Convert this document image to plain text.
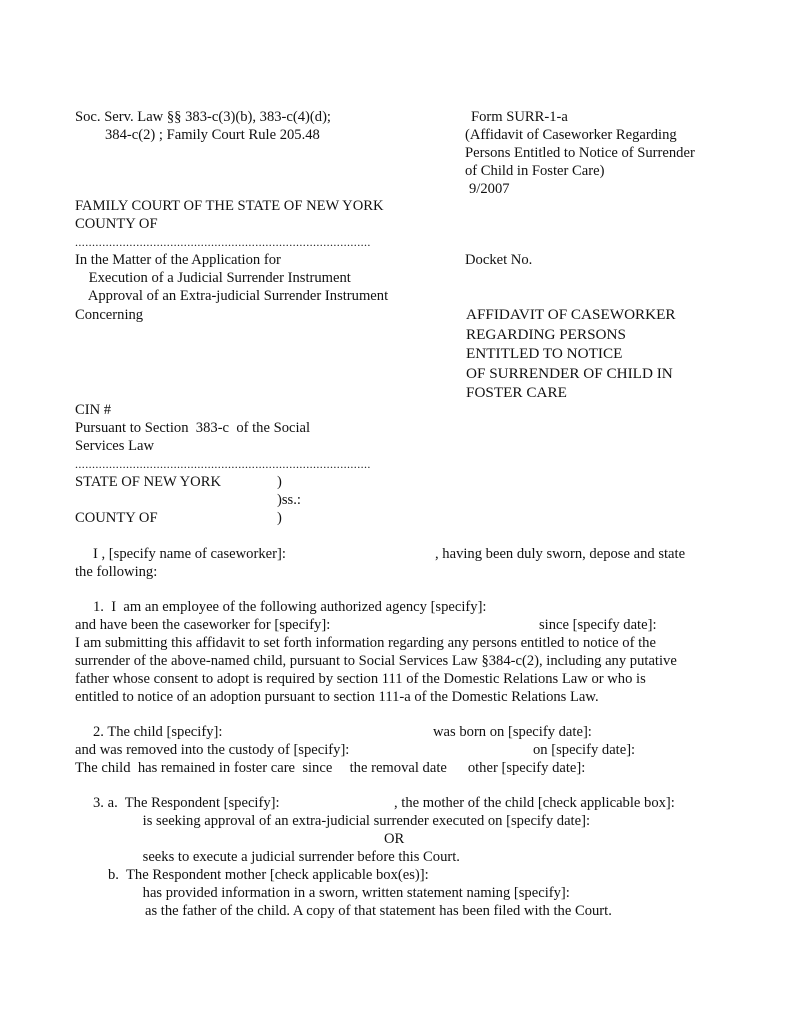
Soc. Serv. Law §§ 383-c(3)(b), 383-c(4)(d);
384-c(2) ; Family Court Rule 205.48
Form SURR-1-a
(Affidavit of Caseworker Regarding
Persons Entitled to Notice of Surrender
of Child in Foster Care)
9/2007
FAMILY COURT OF THE STATE OF NEW YORK
COUNTY OF
.......................................................................................
In the Matter of the Application for
Execution of a Judicial Surrender Instrument
Approval of an Extra-judicial Surrender Instrument
Concerning
Docket No.
AFFIDAVIT OF CASEWORKER
REGARDING PERSONS
ENTITLED TO NOTICE
OF SURRENDER OF CHILD IN
FOSTER CARE
CIN #
Pursuant to Section  383-c  of the Social
Services Law
.......................................................................................
STATE OF NEW YORK	)
)ss.:
COUNTY OF	)
I , [specify name of caseworker]:	, having been duly sworn, depose and state
the following:
1.  I  am an employee of the following authorized agency [specify]:
and have been the caseworker for [specify]:	since [specify date]:
I am submitting this affidavit to set forth information regarding any persons entitled to notice of the
surrender of the above-named child, pursuant to Social Services Law §384-c(2), including any putative
father whose consent to adopt is required by section 111 of the Domestic Relations Law or who is
entitled to notice of an adoption pursuant to section 111-a of the Domestic Relations Law.
2. The child [specify]:	was born on [specify date]:
and was removed into the custody of [specify]:	on [specify date]:
The child  has remained in foster care  since  the removal date   other [specify date]:
3. a.  The Respondent [specify]:	, the mother of the child [check applicable box]:
is seeking approval of an extra-judicial surrender executed on [specify date]:
OR
seeks to execute a judicial surrender before this Court.
b.  The Respondent mother [check applicable box(es)]:
has provided information in a sworn, written statement naming [specify]:
as the father of the child. A copy of that statement has been filed with the Court.
